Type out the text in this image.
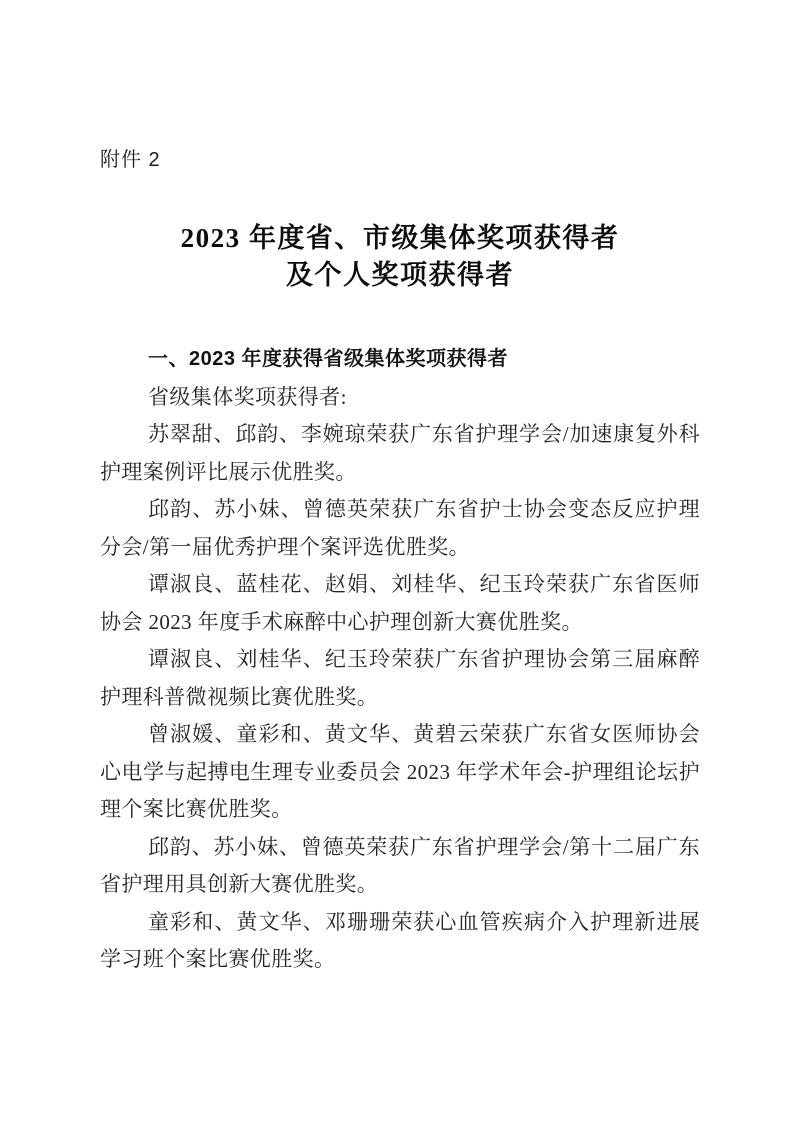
附件 2
2023 年度省、市级集体奖项获得者
及个人奖项获得者

一、2023 年度获得省级集体奖项获得者

省级集体奖项获得者:

苏翠甜、邱韵、李婉琼荣获广东省护理学会/加速康复外科护理案例评比展示优胜奖。

邱韵、苏小妹、曾德英荣获广东省护士协会变态反应护理分会/第一届优秀护理个案评选优胜奖。

谭淑良、蓝桂花、赵娟、刘桂华、纪玉玲荣获广东省医师协会 2023 年度手术麻醉中心护理创新大赛优胜奖。

谭淑良、刘桂华、纪玉玲荣获广东省护理协会第三届麻醉护理科普微视频比赛优胜奖。

曾淑媛、童彩和、黄文华、黄碧云荣获广东省女医师协会心电学与起搏电生理专业委员会 2023 年学术年会-护理组论坛护理个案比赛优胜奖。

邱韵、苏小妹、曾德英荣获广东省护理学会/第十二届广东省护理用具创新大赛优胜奖。

童彩和、黄文华、邓珊珊荣获心血管疾病介入护理新进展学习班个案比赛优胜奖。
